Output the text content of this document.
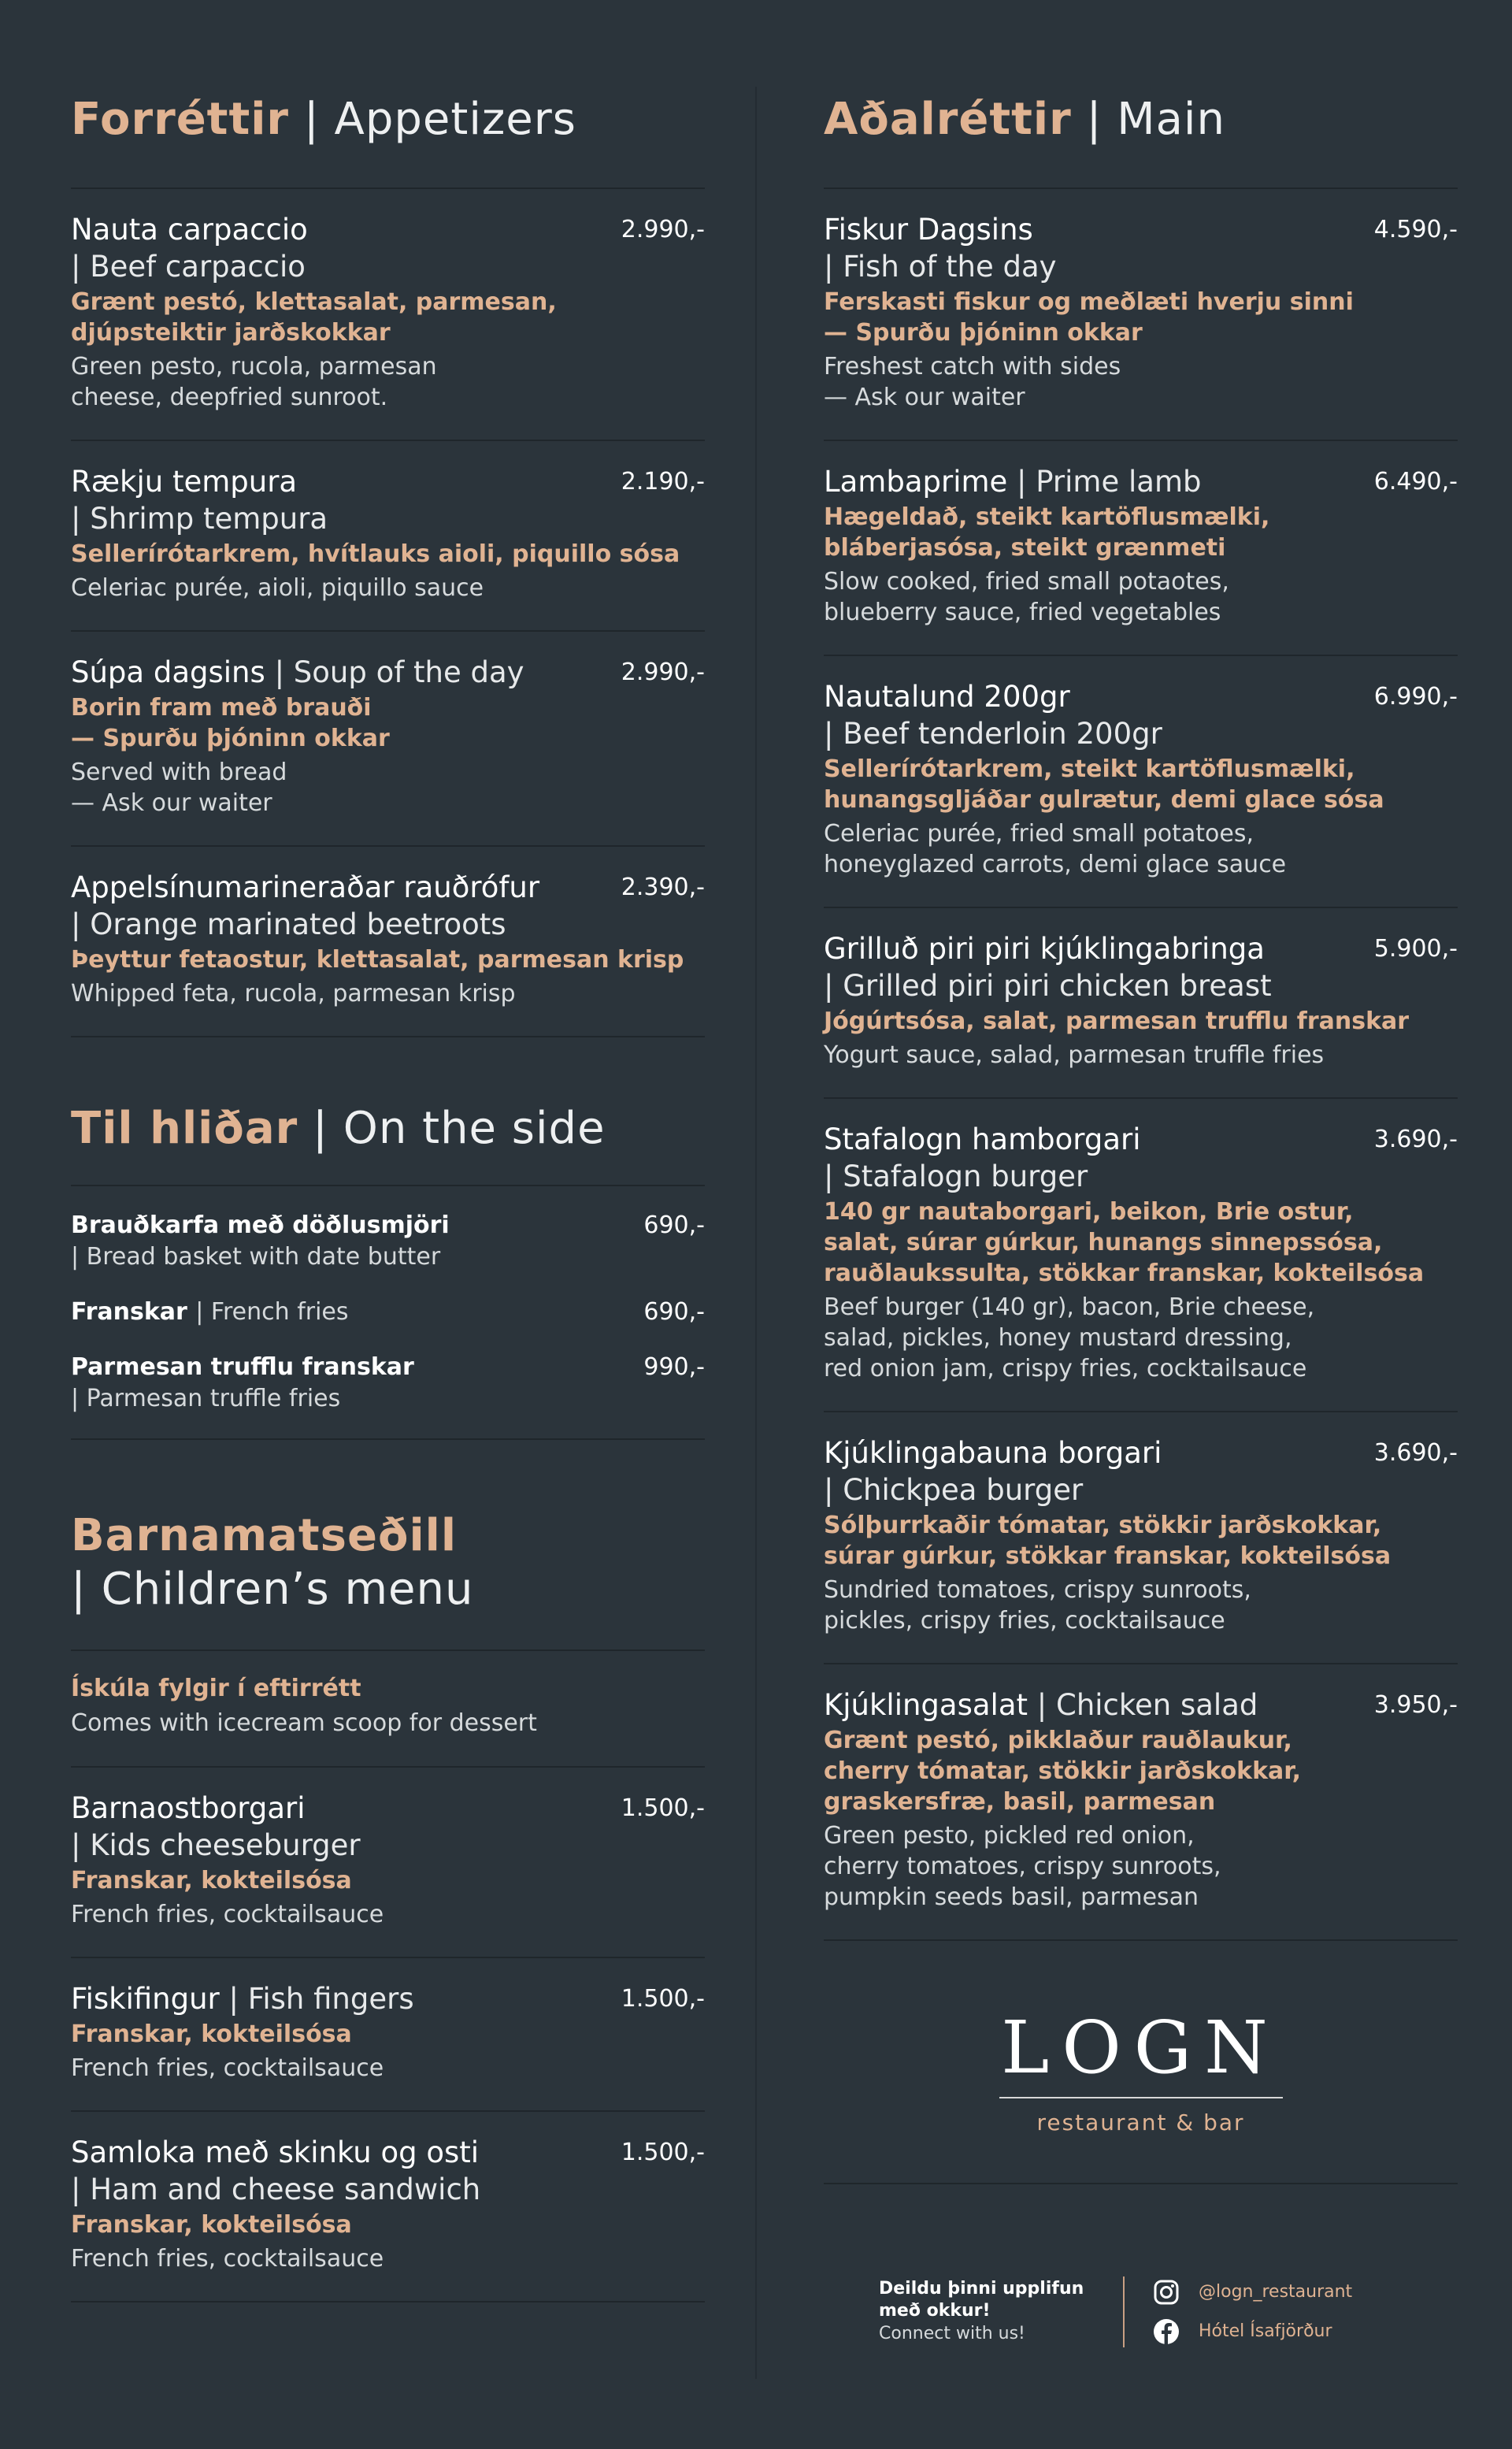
Forréttir | Appetizers
Nauta carpaccio
| Beef carpaccio
2.990,-
Grænt pestó, klettasalat, parmesan,
djúpsteiktir jarðskokkar
Green pesto, rucola, parmesan
cheese, deepfried sunroot.
Rækju tempura
| Shrimp tempura
2.190,-
Sellerírótarkrem, hvítlauks aioli, piquillo sósa
Celeriac purée, aioli, piquillo sauce
Súpa dagsins | Soup of the day	2.990,-
Borin fram með brauði
— Spurðu þjóninn okkar
Served with bread
— Ask our waiter
Appelsínumarineraðar rauðrófur
| Orange marinated beetroots
2.390,-
Þeyttur fetaostur, klettasalat, parmesan krisp
Whipped feta, rucola, parmesan krisp
Til hliðar | On the side
Brauðkarfa með döðlusmjöri	690,-
| Bread basket with date butter
Franskar | French fries	690,-
Parmesan trufflu franskar	990,-
| Parmesan truffle fries
Barnamatseðill
| Children’s menu
Ískúla fylgir í eftirrétt
Comes with icecream scoop for dessert
Barnaostborgari
| Kids cheeseburger
1.500,-
Franskar, kokteilsósa
French fries, cocktailsauce
Fiskifingur | Fish fingers	1.500,-
Franskar, kokteilsósa
French fries, cocktailsauce
Samloka með skinku og osti
| Ham and cheese sandwich
1.500,-
Franskar, kokteilsósa
French fries, cocktailsauce
Aðalréttir | Main
Fiskur Dagsins
| Fish of the day
4.590,-
Ferskasti fiskur og meðlæti hverju sinni
— Spurðu þjóninn okkar
Freshest catch with sides
— Ask our waiter
Lambaprime | Prime lamb	6.490,-
Hægeldað, steikt kartöflusmælki,
bláberjasósa, steikt grænmeti
Slow cooked, fried small potaotes,
blueberry sauce, fried vegetables
Nautalund 200gr
| Beef tenderloin 200gr
6.990,-
Sellerírótarkrem, steikt kartöflusmælki,
hunangsgljáðar gulrætur, demi glace sósa
Celeriac purée, fried small potatoes,
honeyglazed carrots, demi glace sauce
Grilluð piri piri kjúklingabringa
| Grilled piri piri chicken breast
5.900,-
Jógúrtsósa, salat, parmesan trufflu franskar
Yogurt sauce, salad, parmesan truffle fries
Stafalogn hamborgari
| Stafalogn burger
3.690,-
140 gr nautaborgari, beikon, Brie ostur,
salat, súrar gúrkur, hunangs sinnepssósa,
rauðlaukssulta, stökkar franskar, kokteilsósa
Beef burger (140 gr), bacon, Brie cheese,
salad, pickles, honey mustard dressing,
red onion jam, crispy fries, cocktailsauce
Kjúklingabauna borgari
| Chickpea burger
3.690,-
Sólþurrkaðir tómatar, stökkir jarðskokkar,
súrar gúrkur, stökkar franskar, kokteilsósa
Sundried tomatoes, crispy sunroots,
pickles, crispy fries, cocktailsauce
Kjúklingasalat | Chicken salad	3.950,-
Grænt pestó, pikklaður rauðlaukur,
cherry tómatar, stökkir jarðskokkar,
graskersfræ, basil, parmesan
Green pesto, pickled red onion,
cherry tomatoes, crispy sunroots,
pumpkin seeds basil, parmesan
LOGN
restaurant & bar
Deildu þinni upplifun
með okkur!
Connect with us!
@logn_restaurant
Hótel Ísafjörður
